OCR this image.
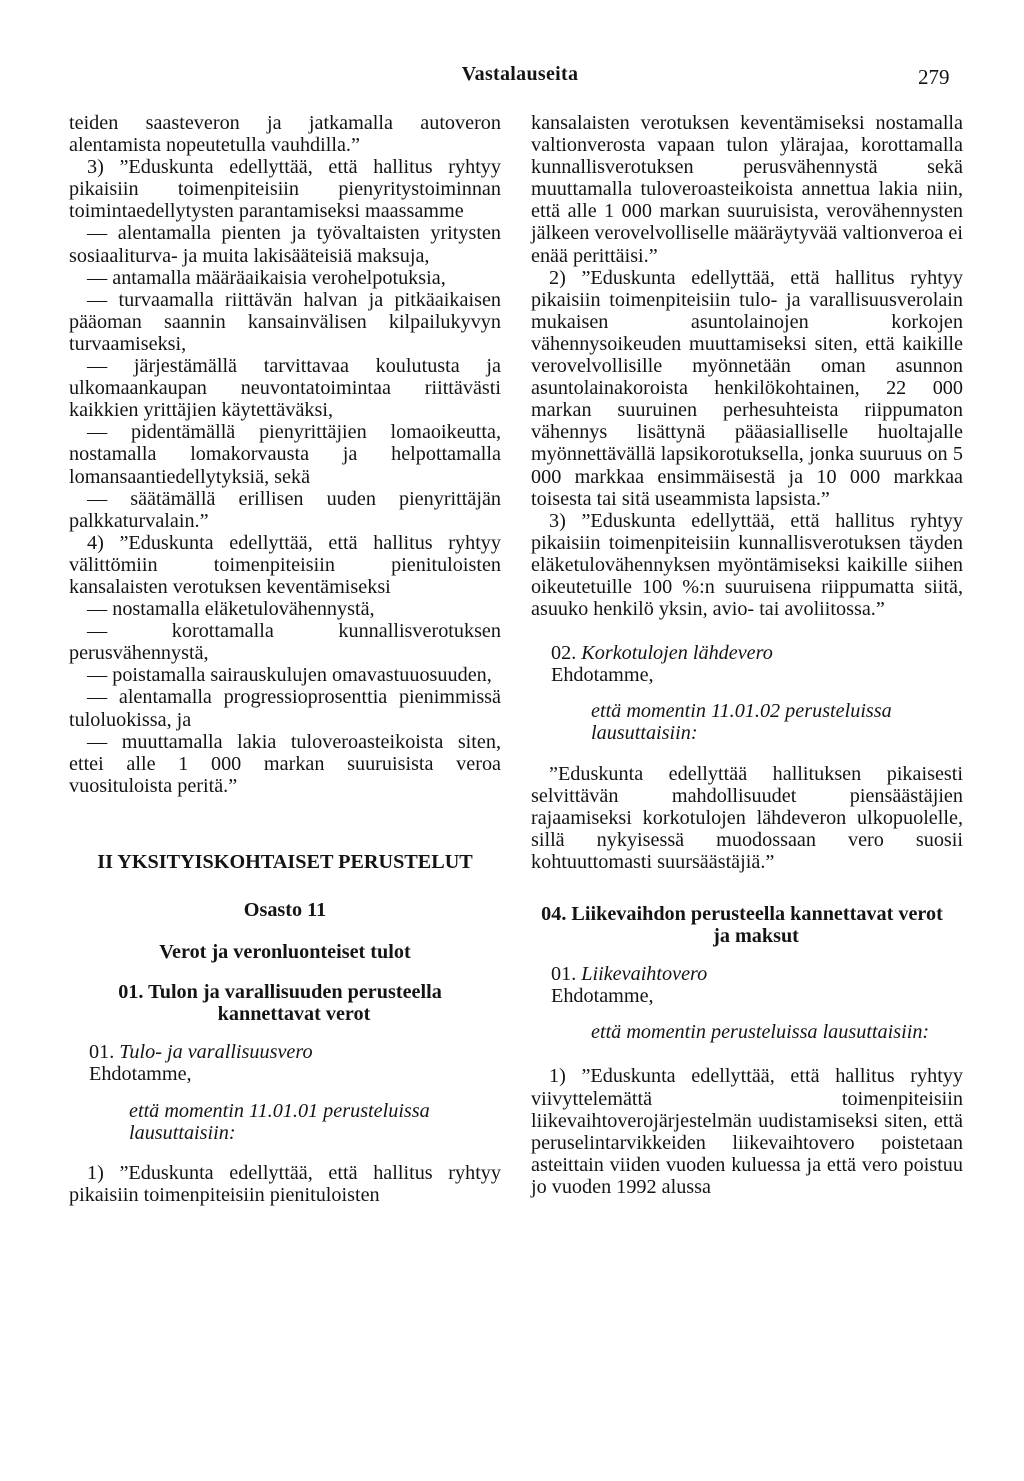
Vastalauseita	279

teiden saasteveron ja jatkamalla autoveron alentamista nopeutetulla vauhdilla.”

3) ”Eduskunta edellyttää, että hallitus ryhtyy pikaisiin toimenpiteisiin pienyritystoiminnan toimintaedellytysten parantamiseksi maassamme

— alentamalla pienten ja työvaltaisten yritysten sosiaaliturva- ja muita lakisääteisiä maksuja,

— antamalla määräaikaisia verohelpotuksia,

— turvaamalla riittävän halvan ja pitkäaikaisen pääoman saannin kansainvälisen kilpailukyvyn turvaamiseksi,

— järjestämällä tarvittavaa koulutusta ja ulkomaankaupan neuvontatoimintaa riittävästi kaikkien yrittäjien käytettäväksi,

— pidentämällä pienyrittäjien lomaoikeutta, nostamalla lomakorvausta ja helpottamalla lomansaantiedellytyksiä, sekä

— säätämällä erillisen uuden pienyrittäjän palkkaturvalain.”

4) ”Eduskunta edellyttää, että hallitus ryhtyy välittömiin toimenpiteisiin pienituloisten kansalaisten verotuksen keventämiseksi

— nostamalla eläketulovähennystä,

— korottamalla kunnallisverotuksen perusvähennystä,

— poistamalla sairauskulujen omavastuuosuuden,

— alentamalla progressioprosenttia pienimmissä tuloluokissa, ja

— muuttamalla lakia tuloveroasteikoista siten, ettei alle 1 000 markan suuruisista veroa vuosituloista peritä.”

II YKSITYISKOHTAISET PERUSTELUT

Osasto 11

Verot ja veronluonteiset tulot

01. Tulon ja varallisuuden perusteella kannettavat verot

01. Tulo- ja varallisuusvero

Ehdotamme,

että momentin 11.01.01 perusteluissa lausuttaisiin:

1) ”Eduskunta edellyttää, että hallitus ryhtyy pikaisiin toimenpiteisiin pienituloisten

kansalaisten verotuksen keventämiseksi nostamalla valtionverosta vapaan tulon ylärajaa, korottamalla kunnallisverotuksen perusvähennystä sekä muuttamalla tuloveroasteikoista annettua lakia niin, että alle 1 000 markan suuruisista, verovähennysten jälkeen verovelvolliselle määräytyvää valtionveroa ei enää perittäisi.”

2) ”Eduskunta edellyttää, että hallitus ryhtyy pikaisiin toimenpiteisiin tulo- ja varallisuusverolain mukaisen asuntolainojen korkojen vähennysoikeuden muuttamiseksi siten, että kaikille verovelvollisille myönnetään oman asunnon asuntolainakoroista henkilökohtainen, 22 000 markan suuruinen perhesuhteista riippumaton vähennys lisättynä pääasialliselle huoltajalle myönnettävällä lapsikorotuksella, jonka suuruus on 5 000 markkaa ensimmäisestä ja 10 000 markkaa toisesta tai sitä useammista lapsista.”

3) ”Eduskunta edellyttää, että hallitus ryhtyy pikaisiin toimenpiteisiin kunnallisverotuksen täyden eläketulovähennyksen myöntämiseksi kaikille siihen oikeutetuille 100 %:n suuruisena riippumatta siitä, asuuko henkilö yksin, avio- tai avoliitossa.”

02. Korkotulojen lähdevero

Ehdotamme,

että momentin 11.01.02 perusteluissa lausuttaisiin:

”Eduskunta edellyttää hallituksen pikaisesti selvittävän mahdollisuudet piensäästäjien rajaamiseksi korkotulojen lähdeveron ulkopuolelle, sillä nykyisessä muodossaan vero suosii kohtuuttomasti suursäästäjiä.”

04. Liikevaihdon perusteella kannettavat verot ja maksut

01. Liikevaihtovero

Ehdotamme,

että momentin perusteluissa lausuttaisiin:

1) ”Eduskunta edellyttää, että hallitus ryhtyy viivyttelemättä toimenpiteisiin liikevaihtoverojärjestelmän uudistamiseksi siten, että peruselintarvikkeiden liikevaihtovero poistetaan asteittain viiden vuoden kuluessa ja että vero poistuu jo vuoden 1992 alussa
